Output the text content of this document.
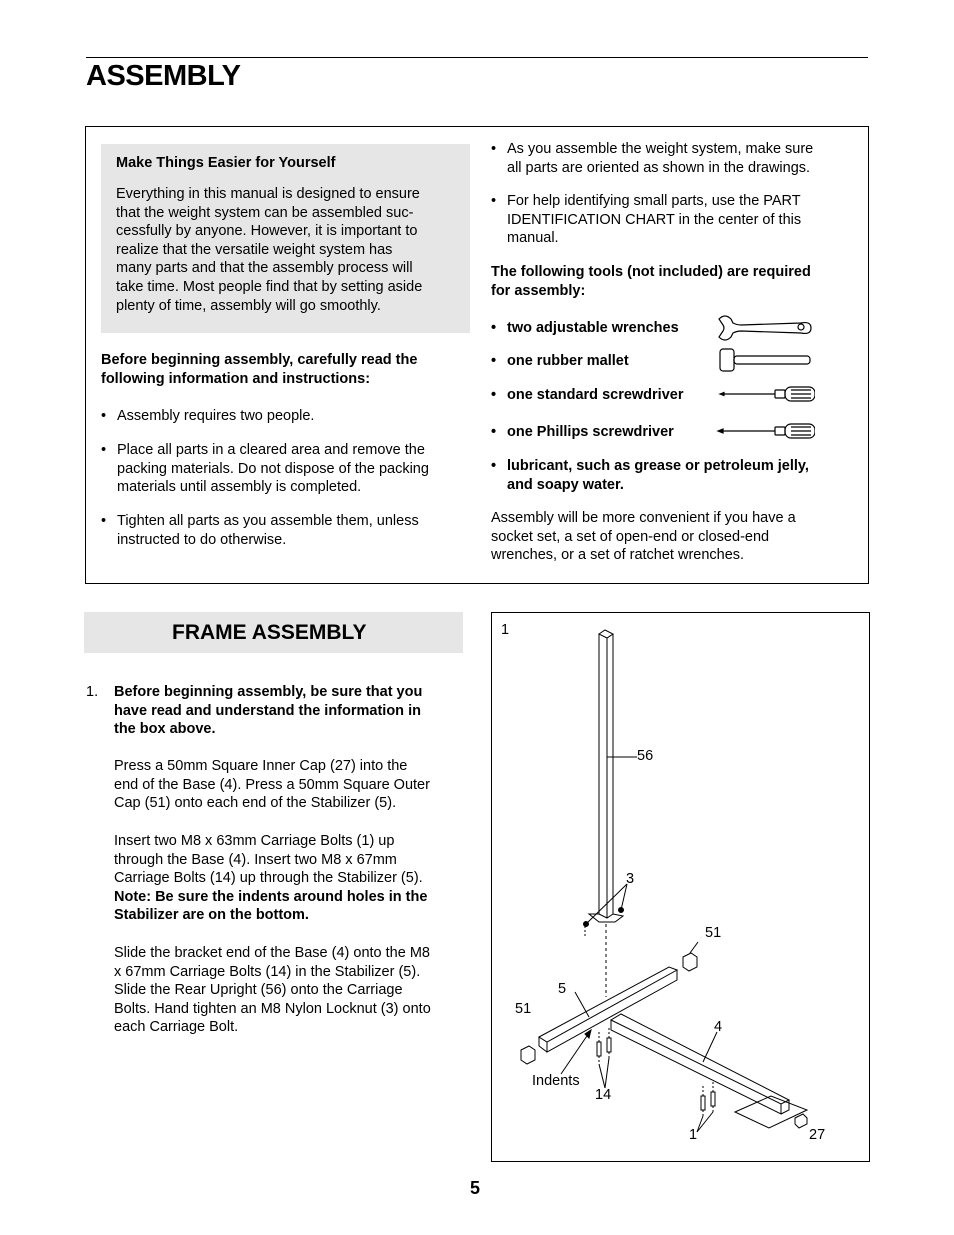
ASSEMBLY
Make Things Easier for Yourself
Everything in this manual is designed to ensure
that the weight system can be assembled suc-
cessfully by anyone. However, it is important to
realize that the versatile weight system has
many parts and that the assembly process will
take time. Most people find that by setting aside
plenty of time, assembly will go smoothly.
Before beginning assembly, carefully read the
following information and instructions:
• Assembly requires two people.
• Place all parts in a cleared area and remove the
packing materials. Do not dispose of the packing
materials until assembly is completed.
• Tighten all parts as you assemble them, unless
instructed to do otherwise.
• As you assemble the weight system, make sure
all parts are oriented as shown in the drawings.
• For help identifying small parts, use the PART
IDENTIFICATION CHART in the center of this
manual.
The following tools (not included) are required
for assembly:
• two adjustable wrenches
• one rubber mallet
• one standard screwdriver
• one Phillips screwdriver
• lubricant, such as grease or petroleum jelly,
and soapy water.
Assembly will be more convenient if you have a
socket set, a set of open-end or closed-end
wrenches, or a set of ratchet wrenches.
FRAME ASSEMBLY
1. Before beginning assembly, be sure that you
have read and understand the information in
the box above.
Press a 50mm Square Inner Cap (27) into the
end of the Base (4). Press a 50mm Square Outer
Cap (51) onto each end of the Stabilizer (5).
Insert two M8 x 63mm Carriage Bolts (1) up
through the Base (4). Insert two M8 x 67mm
Carriage Bolts (14) up through the Stabilizer (5).
Note: Be sure the indents around holes in the
Stabilizer are on the bottom.
Slide the bracket end of the Base (4) onto the M8
x 67mm Carriage Bolts (14) in the Stabilizer (5).
Slide the Rear Upright (56) onto the Carriage
Bolts. Hand tighten an M8 Nylon Locknut (3) onto
each Carriage Bolt.
1
56
3
51
5
51
4
Indents
14
1	27
5
